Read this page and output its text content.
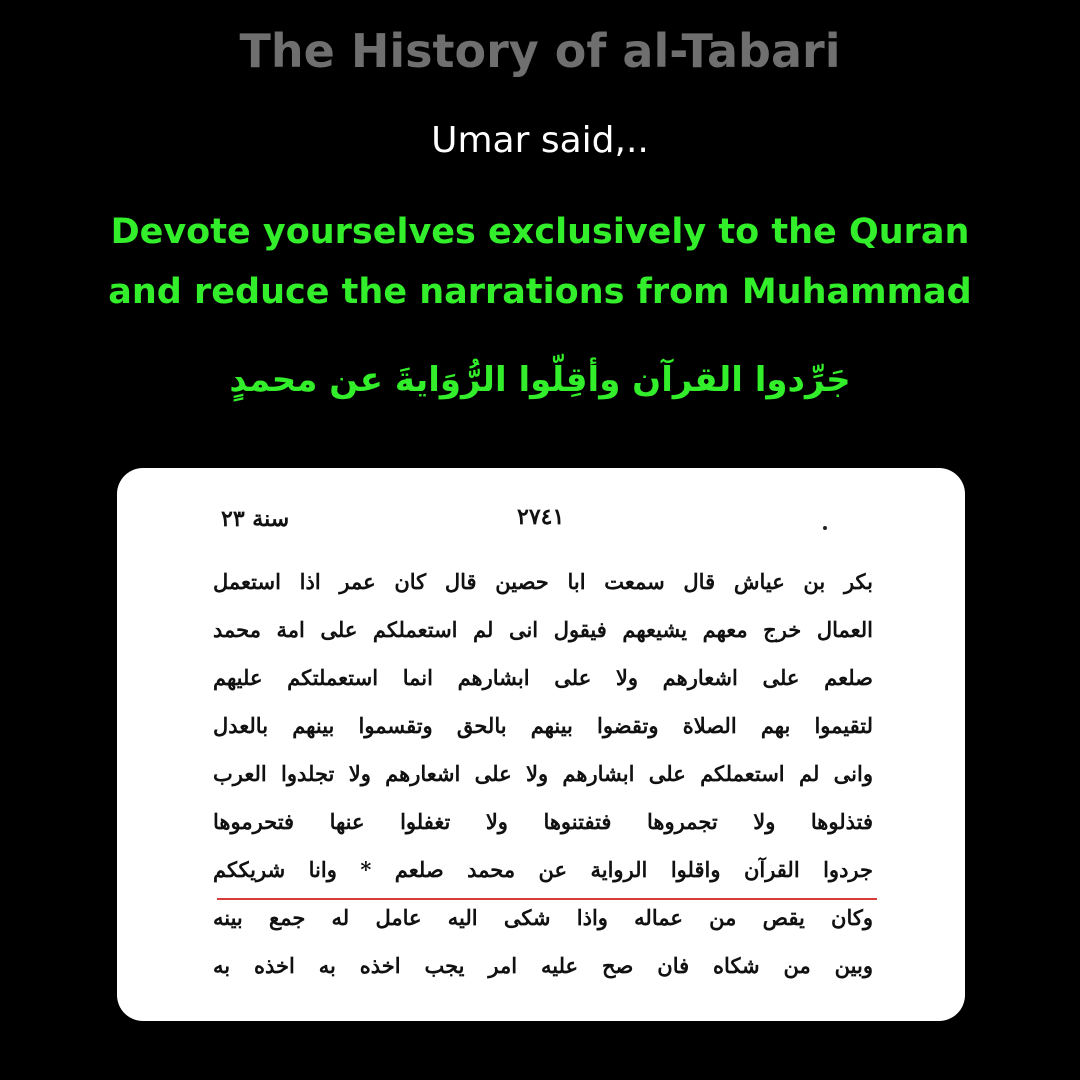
The History of al-Tabari
Umar said,..
Devote yourselves exclusively to the Quran
and reduce the narrations from Muhammad
جَرِّدوا القرآن وأقِلّوا الرُّوَايةَ عن محمدٍ
سنة ٢٣	٢٧٤١
بكر بن عياش قال سمعت ابا حصين قال كان عمر اذا استعمل
العمال خرج معهم يشيعهم فيقول انى لم استعملكم على امة محمد
صلعم على اشعارهم ولا على ابشارهم انما استعملتكم عليهم
لتقيموا بهم الصلاة وتقضوا بينهم بالحق وتقسموا بينهم بالعدل
وانى لم استعملكم على ابشارهم ولا على اشعارهم ولا تجلدوا العرب
فتذلوها ولا تجمروها فتفتنوها ولا تغفلوا عنها فتحرموها
جردوا القرآن واقلوا الرواية عن محمد صلعم * وانا شريككم
وكان يقص من عماله واذا شكى اليه عامل له جمع بينه
وبين من شكاه فان صح عليه امر يجب اخذه به اخذه به
